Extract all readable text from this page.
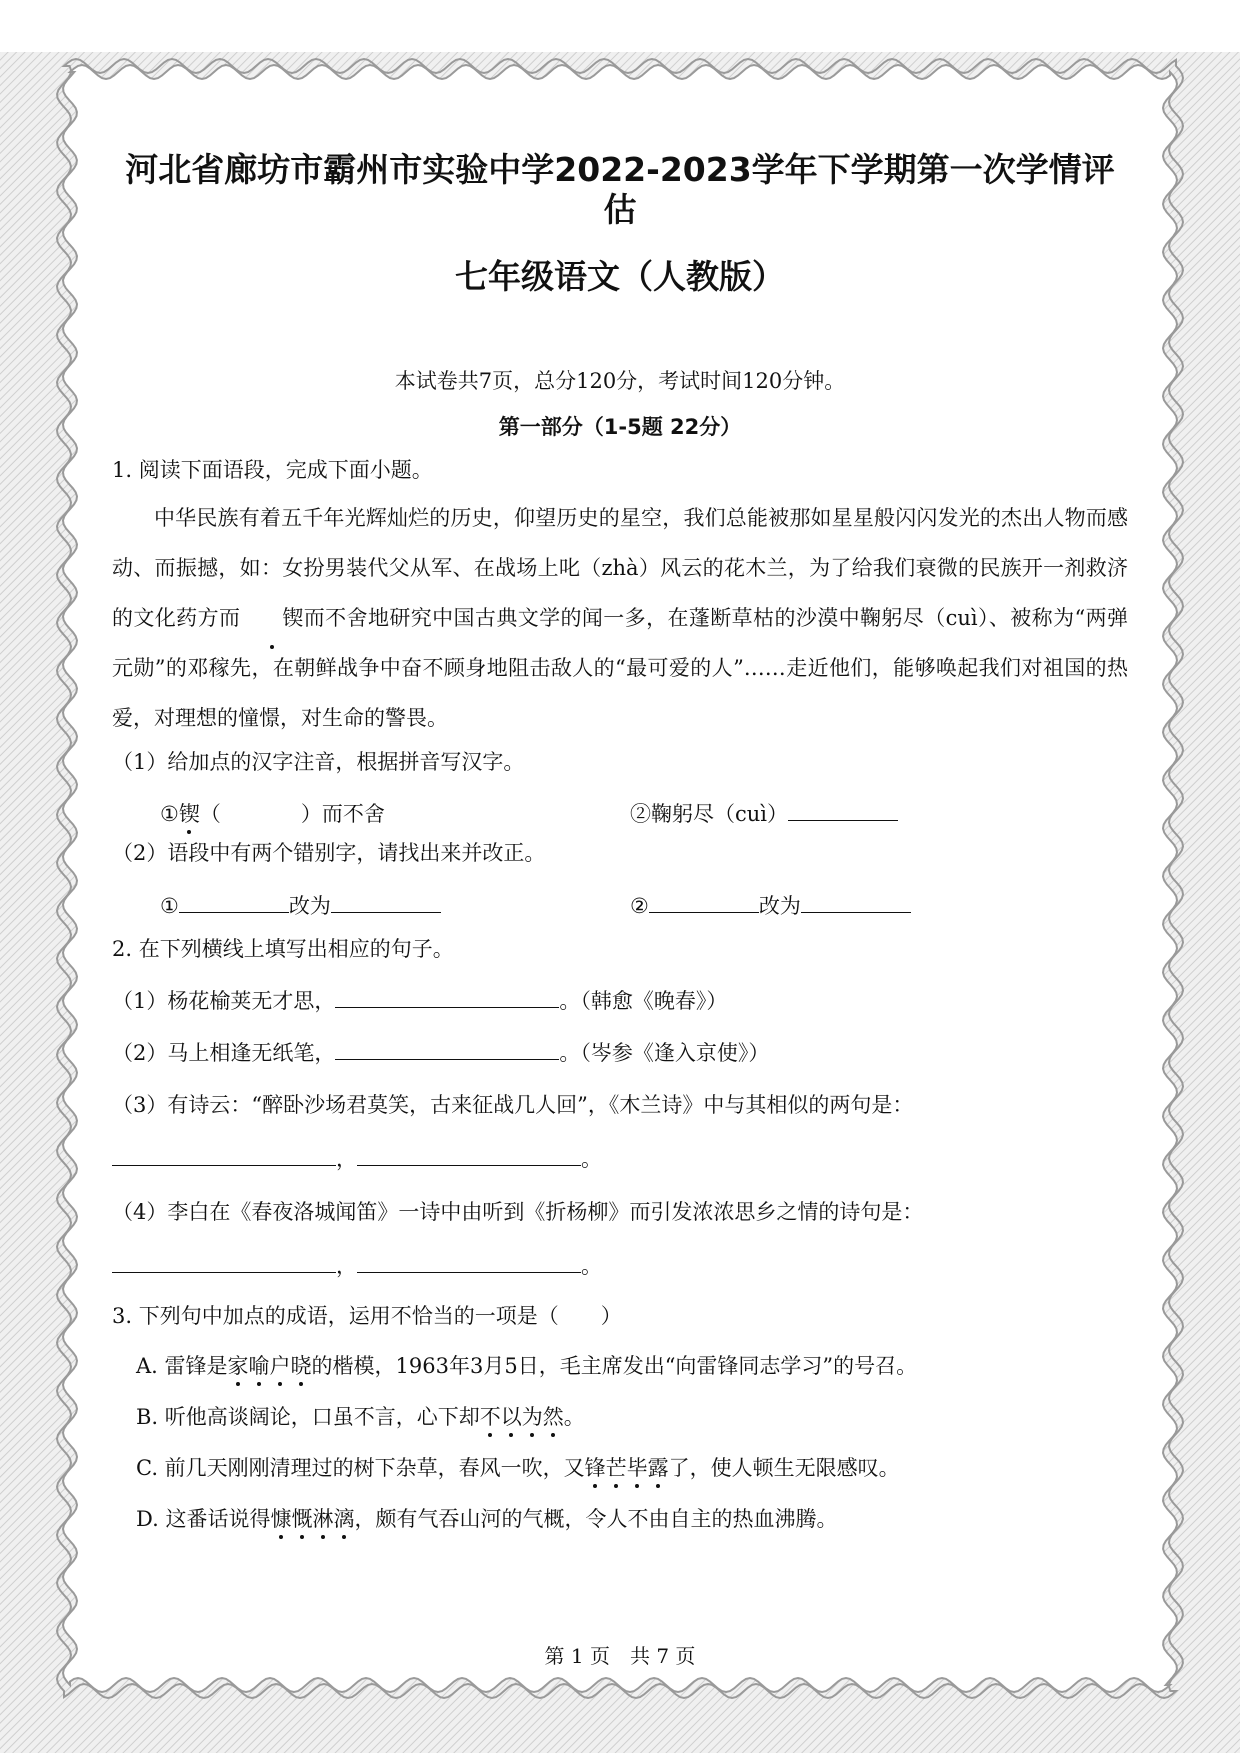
河北省廊坊市霸州市实验中学2022-2023学年下学期第一次学情评估
七年级语文（人教版）
本试卷共7页，总分120分，考试时间120分钟。
第一部分（1-5题 22分）

1. 阅读下面语段，完成下面小题。

中华民族有着五千年光辉灿烂的历史，仰望历史的星空，我们总能被那如星星般闪闪发光的杰出人物而感动、而振撼，如：女扮男装代父从军、在战场上叱（zhà）风云的花木兰，为了给我们衰微的民族开一剂救济的文化药方而 锲而不舍地研究中国古典文学的闻一多，在蓬断草枯的沙漠中鞠躬尽（cuì）、被称为“两弹元勋”的邓稼先，在朝鲜战争中奋不顾身地阻击敌人的“最可爱的人”……走近他们，能够唤起我们对祖国的热爱，对理想的憧憬，对生命的警畏。

（1）给加点的汉字注音，根据拼音写汉字。

①锲（	）而不舍	②鞠躬尽（cuì）

（2）语段中有两个错别字，请找出来并改正。

①	改为	②	改为

2. 在下列横线上填写出相应的句子。

（1）杨花榆荚无才思，	。（韩愈《晚春》）

（2）马上相逢无纸笔，	。（岑参《逢入京使》）

（3）有诗云：“醉卧沙场君莫笑，古来征战几人回”，《木兰诗》中与其相似的两句是：

，	。

（4）李白在《春夜洛城闻笛》一诗中由听到《折杨柳》而引发浓浓思乡之情的诗句是：

，	。

3. 下列句中加点的成语，运用不恰当的一项是（　　）

A. 雷锋是家喻户晓的楷模，1963年3月5日，毛主席发出“向雷锋同志学习”的号召。

B. 听他高谈阔论，口虽不言，心下却不以为然。

C. 前几天刚刚清理过的树下杂草，春风一吹，又锋芒毕露了，使人顿生无限感叹。

D. 这番话说得慷慨淋漓，颇有气吞山河的气概，令人不由自主的热血沸腾。

第 1 页　共 7 页
